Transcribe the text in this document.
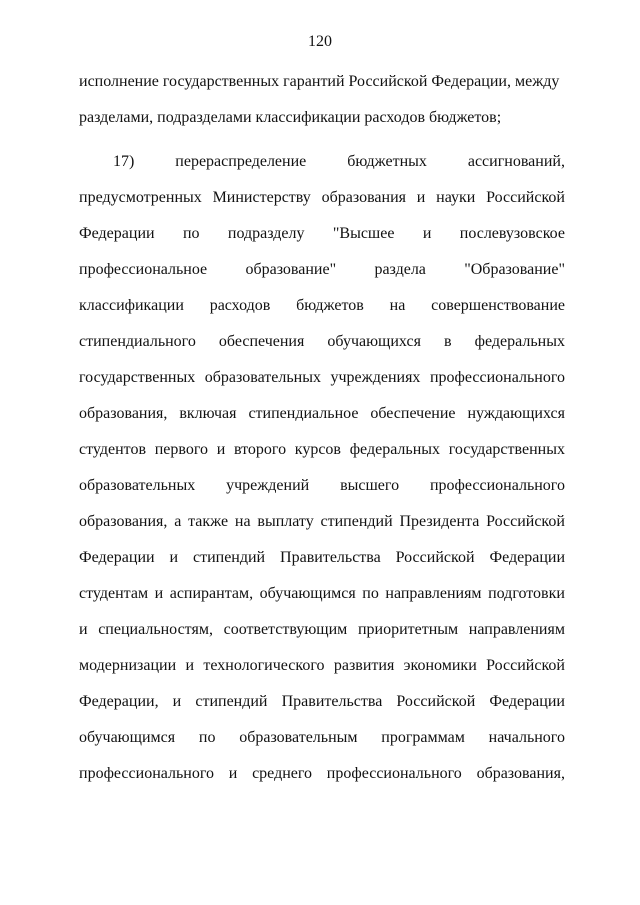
120
исполнение государственных гарантий Российской Федерации, между
разделами, подразделами классификации расходов бюджетов;
17)	перераспределение	бюджетных	ассигнований,
предусмотренных Министерству образования и науки Российской
Федерации по подразделу "Высшее и послевузовское
профессиональное образование" раздела "Образование"
классификации расходов бюджетов на совершенствование
стипендиального обеспечения обучающихся в федеральных
государственных образовательных учреждениях профессионального
образования, включая стипендиальное обеспечение нуждающихся
студентов первого и второго курсов федеральных государственных
образовательных учреждений высшего профессионального
образования, а также на выплату стипендий Президента Российской
Федерации и стипендий Правительства Российской Федерации
студентам и аспирантам, обучающимся по направлениям подготовки
и специальностям, соответствующим приоритетным направлениям
модернизации и технологического развития экономики Российской
Федерации, и стипендий Правительства Российской Федерации
обучающимся по образовательным программам начального
профессионального и среднего профессионального образования,
